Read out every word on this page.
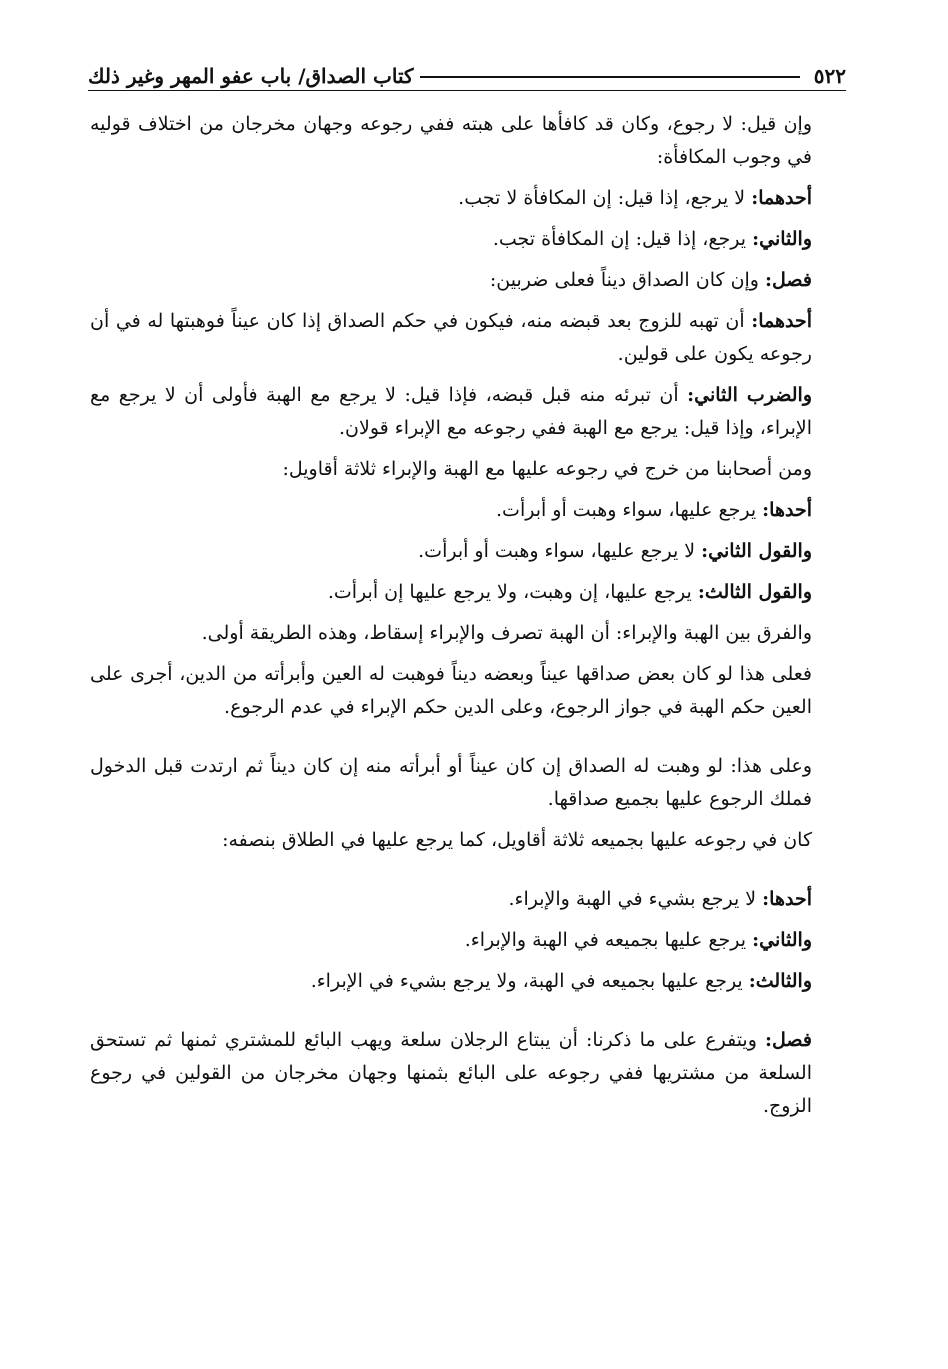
٥٢٢
كتاب الصداق/ باب عفو المهر وغير ذلك

وإن قيل: لا رجوع، وكان قد كافأها على هبته ففي رجوعه وجهان مخرجان من اختلاف قوليه في وجوب المكافأة:

أحدهما: لا يرجع، إذا قيل: إن المكافأة لا تجب.

والثاني: يرجع، إذا قيل: إن المكافأة تجب.

فصل: وإن كان الصداق ديناً فعلى ضربين:

أحدهما: أن تهبه للزوج بعد قبضه منه، فيكون في حكم الصداق إذا كان عيناً فوهبتها له في أن رجوعه يكون على قولين.

والضرب الثاني: أن تبرئه منه قبل قبضه، فإذا قيل: لا يرجع مع الهبة فأولى أن لا يرجع مع الإبراء، وإذا قيل: يرجع مع الهبة ففي رجوعه مع الإبراء قولان.

ومن أصحابنا من خرج في رجوعه عليها مع الهبة والإبراء ثلاثة أقاويل:

أحدها: يرجع عليها، سواء وهبت أو أبرأت.

والقول الثاني: لا يرجع عليها، سواء وهبت أو أبرأت.

والقول الثالث: يرجع عليها، إن وهبت، ولا يرجع عليها إن أبرأت.

والفرق بين الهبة والإبراء: أن الهبة تصرف والإبراء إسقاط، وهذه الطريقة أولى.

فعلى هذا لو كان بعض صداقها عيناً وبعضه ديناً فوهبت له العين وأبرأته من الدين، أجرى على العين حكم الهبة في جواز الرجوع، وعلى الدين حكم الإبراء في عدم الرجوع.

وعلى هذا: لو وهبت له الصداق إن كان عيناً أو أبرأته منه إن كان ديناً ثم ارتدت قبل الدخول فملك الرجوع عليها بجميع صداقها.

كان في رجوعه عليها بجميعه ثلاثة أقاويل، كما يرجع عليها في الطلاق بنصفه:

أحدها: لا يرجع بشيء في الهبة والإبراء.

والثاني: يرجع عليها بجميعه في الهبة والإبراء.

والثالث: يرجع عليها بجميعه في الهبة، ولا يرجع بشيء في الإبراء.

فصل: ويتفرع على ما ذكرنا: أن يبتاع الرجلان سلعة ويهب البائع للمشتري ثمنها ثم تستحق السلعة من مشتريها ففي رجوعه على البائع بثمنها وجهان مخرجان من القولين في رجوع الزوج.
